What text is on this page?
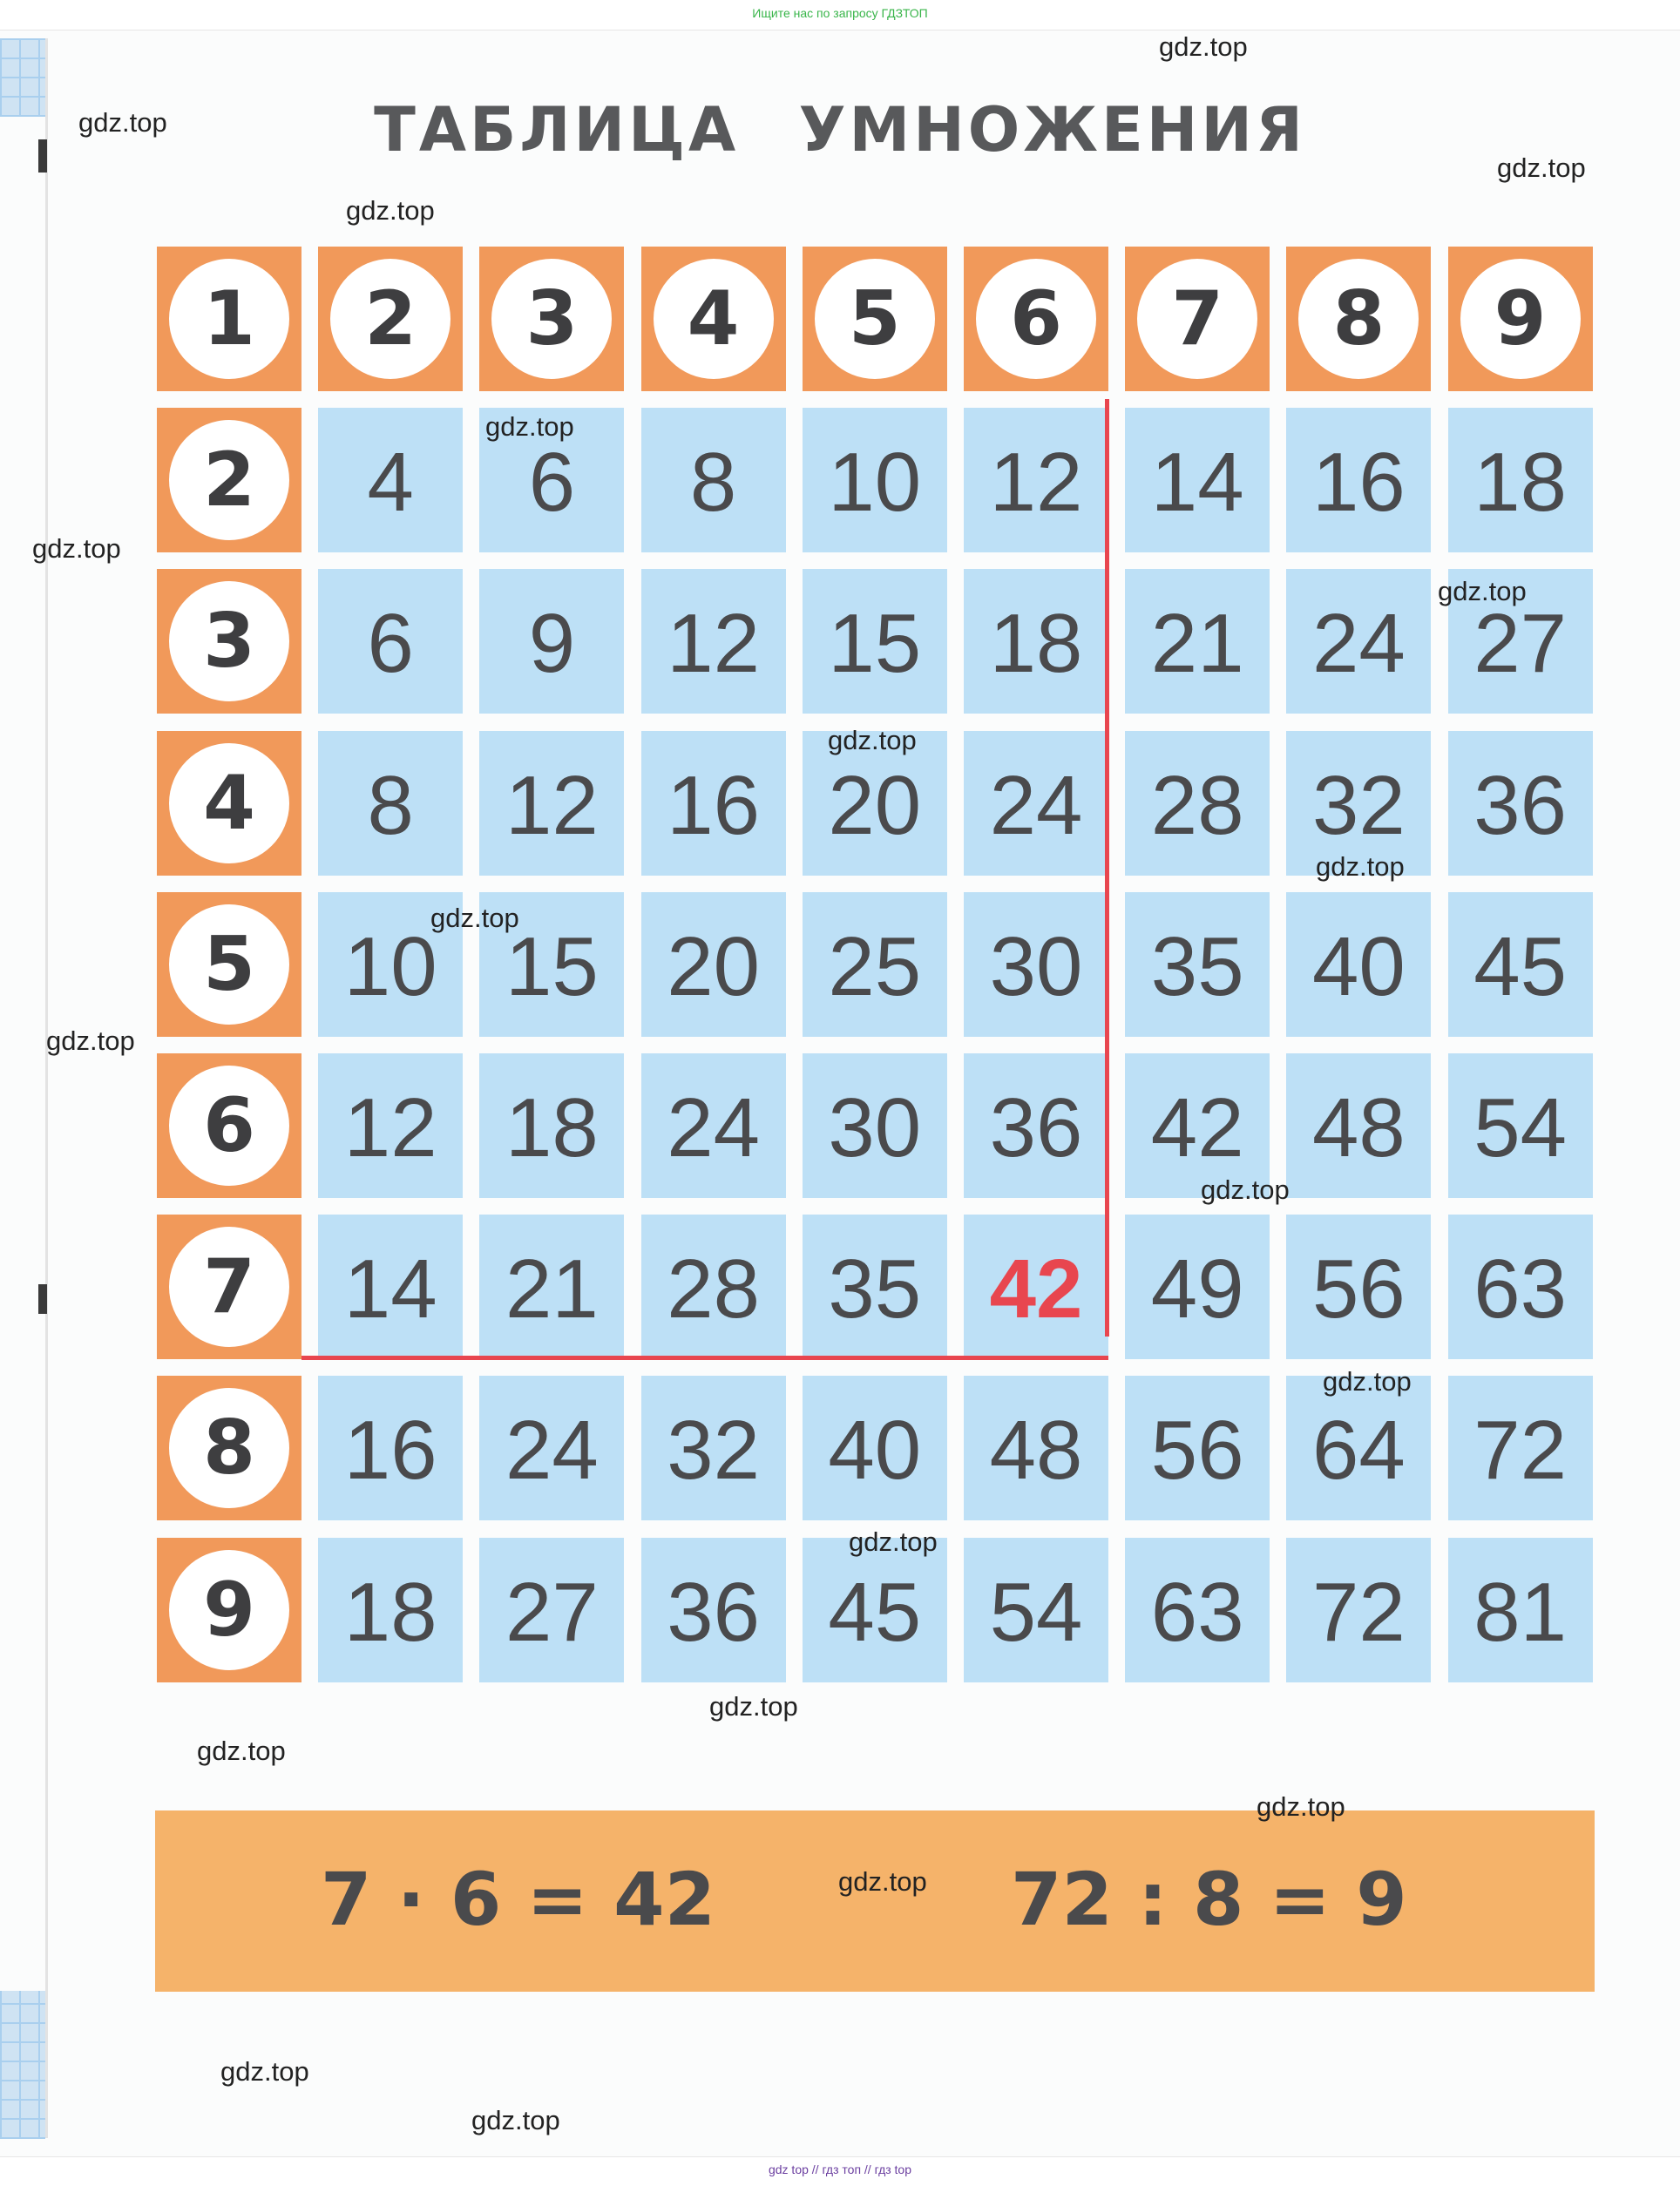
Ищите нас по запросу ГДЗТОП
ТАБЛИЦА УМНОЖЕНИЯ
1	2	3	4	5	6	7	8	9
2	4	6	8	10 12 14 16 18
3	6	9	12 15 18 21 24 27
4	8	12 16 20 24 28 32 36
5	10 15 20 25 30 35 40 45
6	12 18 24 30 36 42 48 54
7	14 21 28 35 42 49 56 63
8	16 24 32 40 48 56 64 72
9	18 27 36 45 54 63 72 81
7 · 6 = 42	72 : 8 = 9
gdz.top
gdz.top
gdz.top
gdz.top
gdz.top
gdz.top
gdz.top
gdz.top
gdz.top
gdz.top
gdz.top
gdz.top
gdz.top
gdz.top
gdz.top
gdz.top
gdz.top
gdz.top
gdz.top
gdz.top
gdz top // гдз топ // гдз top
